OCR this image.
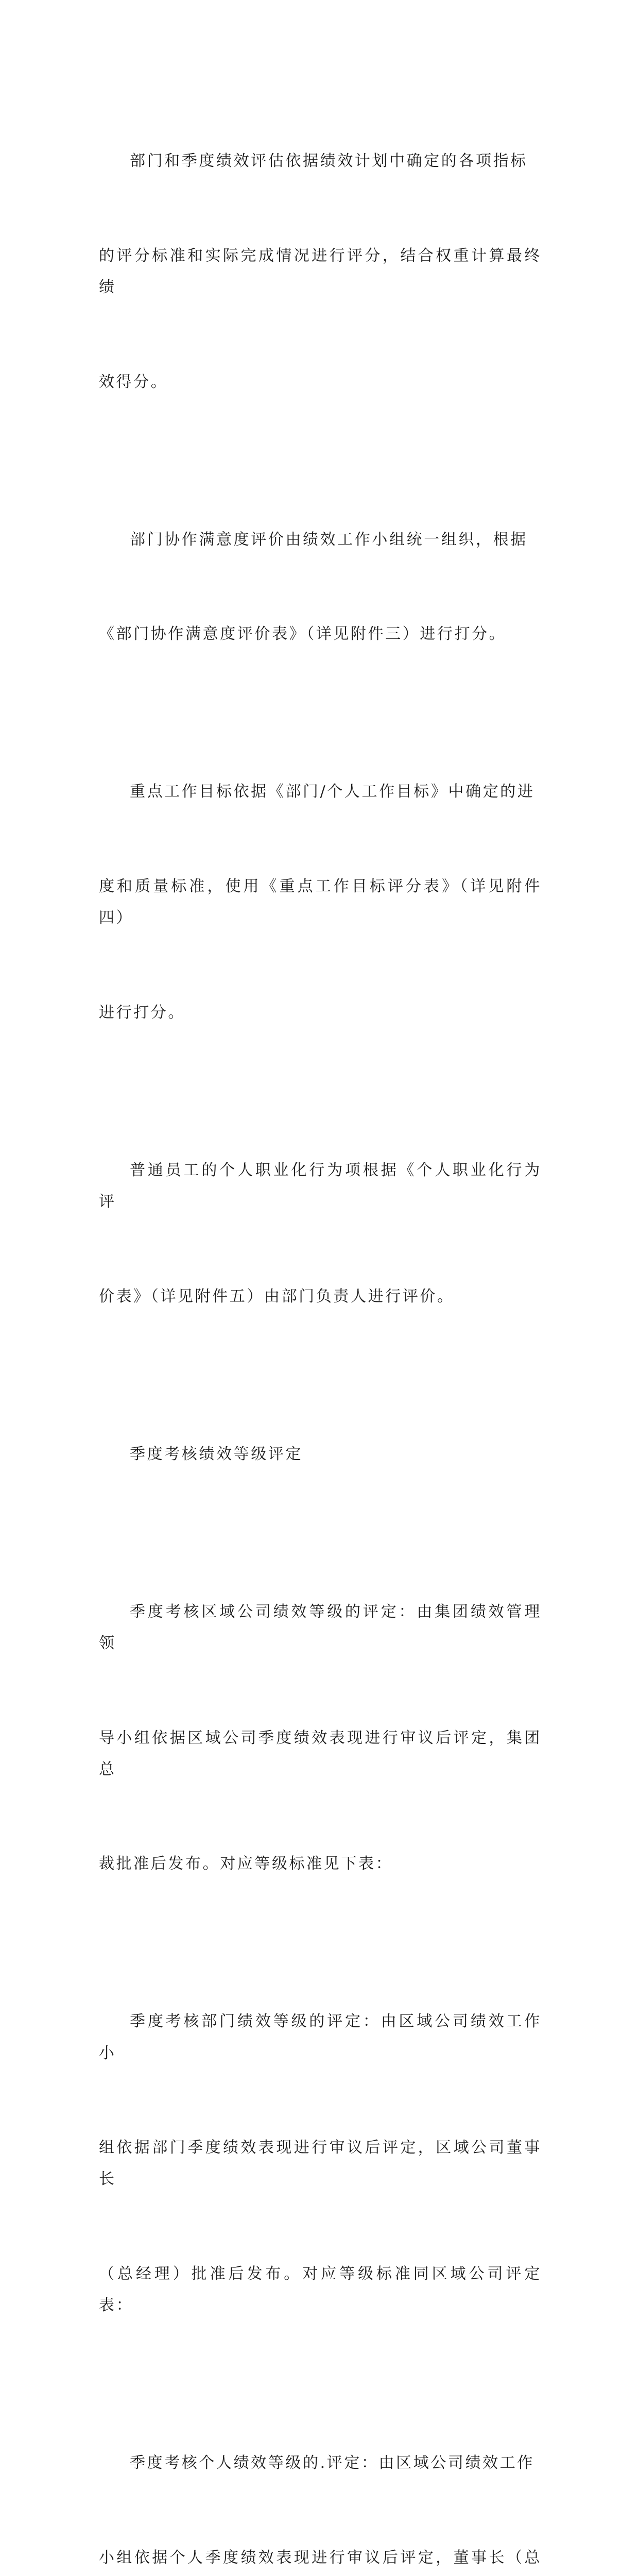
部门和季度绩效评估依据绩效计划中确定的各项指标

的评分标准和实际完成情况进行评分，结合权重计算最终绩

效得分。

部门协作满意度评价由绩效工作小组统一组织，根据

《部门协作满意度评价表》（详见附件三）进行打分。

重点工作目标依据《部门/个人工作目标》中确定的进

度和质量标准，使用《重点工作目标评分表》（详见附件四）

进行打分。

普通员工的个人职业化行为项根据《个人职业化行为评

价表》（详见附件五）由部门负责人进行评价。

季度考核绩效等级评定

季度考核区域公司绩效等级的评定：由集团绩效管理领

导小组依据区域公司季度绩效表现进行审议后评定，集团总

裁批准后发布。对应等级标准见下表：

季度考核部门绩效等级的评定：由区域公司绩效工作小

组依据部门季度绩效表现进行审议后评定，区域公司董事长

（总经理）批准后发布。对应等级标准同区域公司评定表：

季度考核个人绩效等级的.评定：由区域公司绩效工作

小组依据个人季度绩效表现进行审议后评定，董事长（总
